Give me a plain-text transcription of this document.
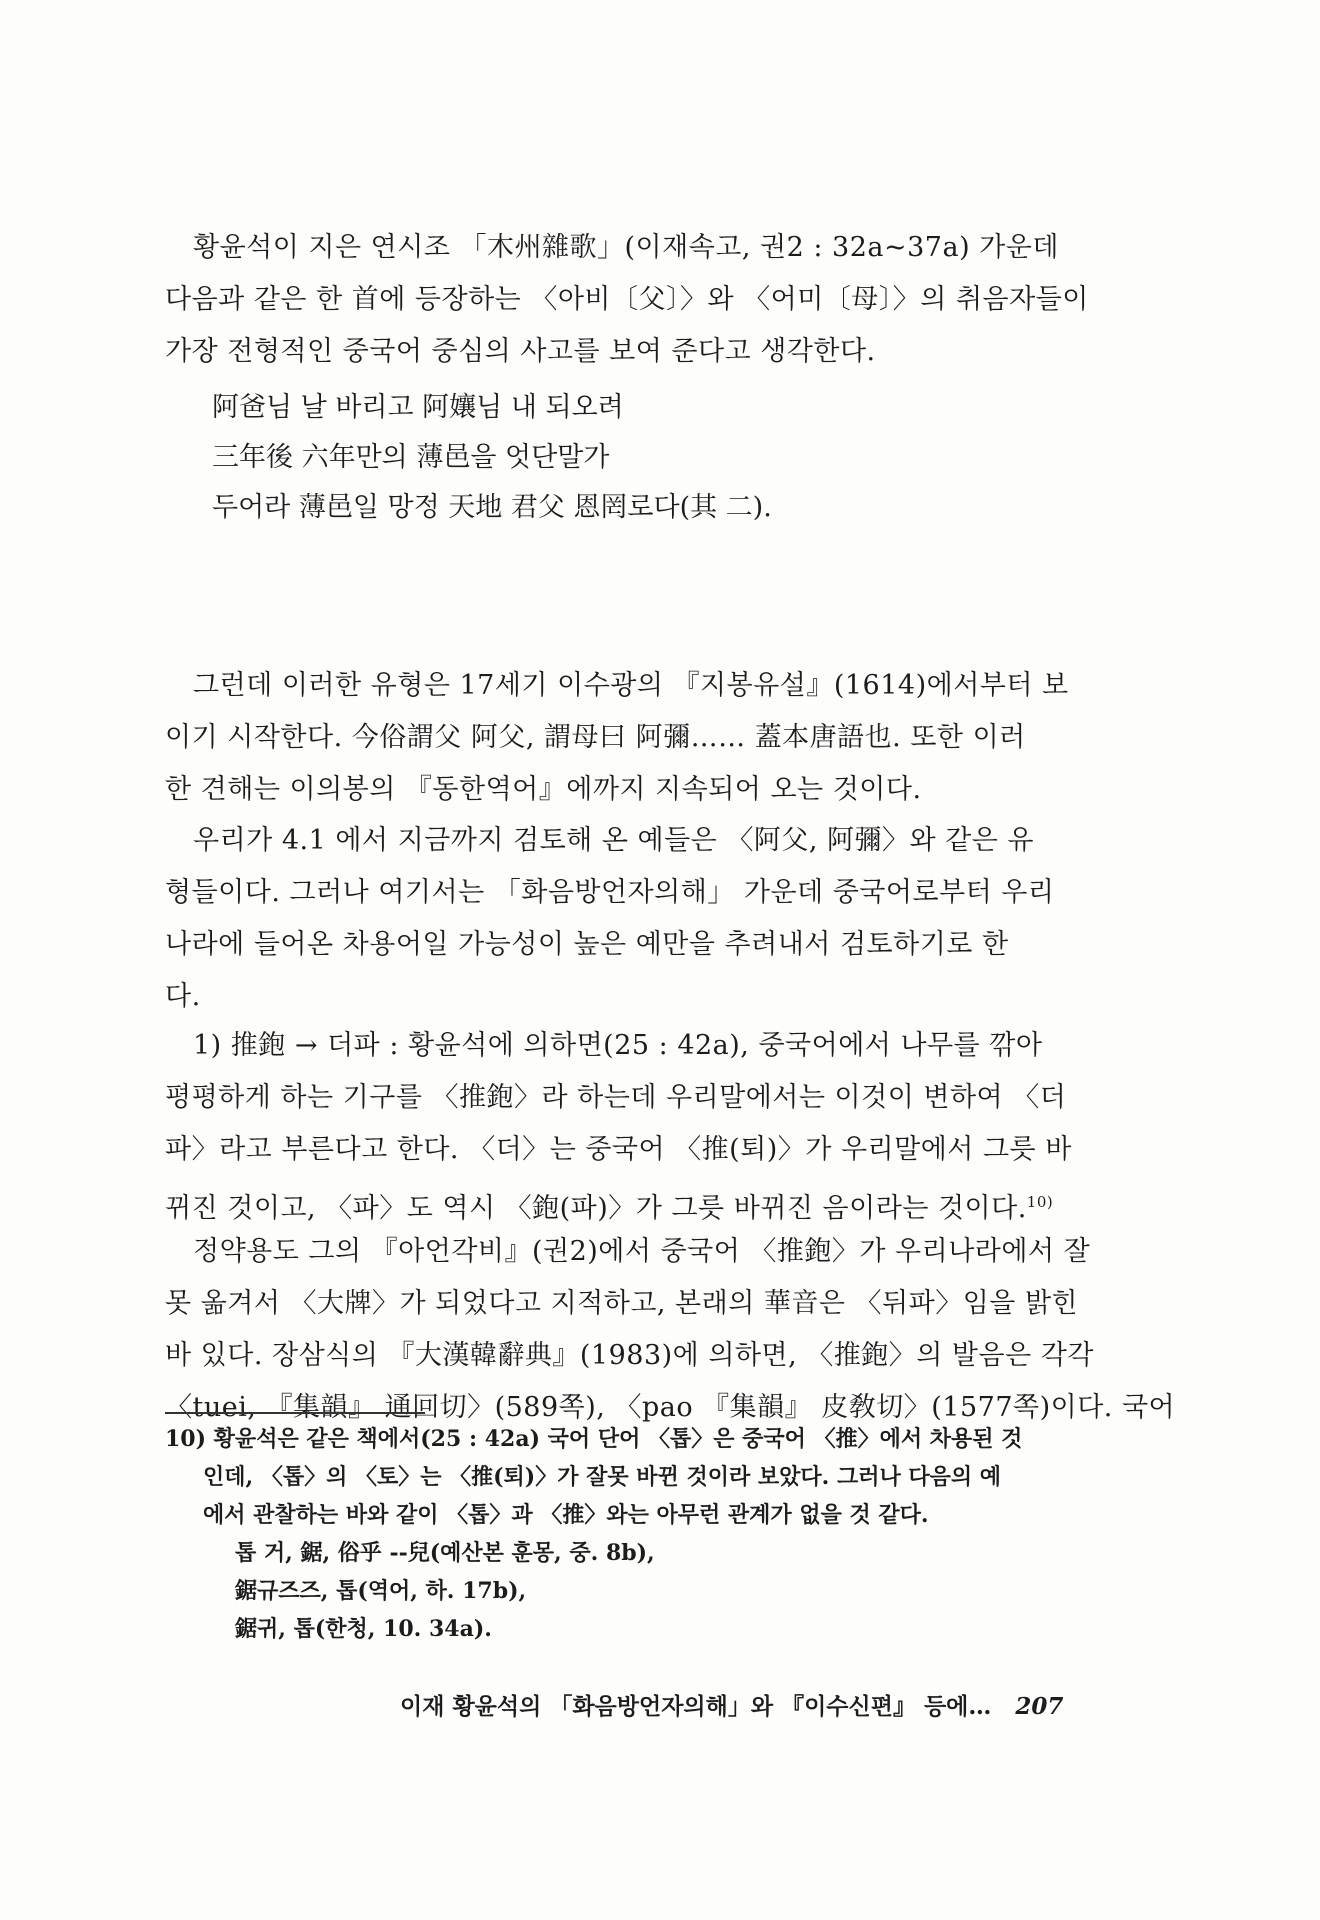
황윤석이 지은 연시조 「木州雜歌」(이재속고, 권2 : 32a~37a) 가운데
다음과 같은 한 首에 등장하는 〈아비〔父〕〉와 〈어미〔母〕〉의 취음자들이
가장 전형적인 중국어 중심의 사고를 보여 준다고 생각한다.
阿爸님 날 바리고 阿孃님 내 되오려
三年後 六年만의 薄邑을 엇단말가
두어라 薄邑일 망정 天地 君父 恩罔로다(其 二).
그런데 이러한 유형은 17세기 이수광의 『지봉유설』(1614)에서부터 보
이기 시작한다. 今俗謂父 阿父, 謂母曰 阿彌…… 蓋本唐語也. 또한 이러
한 견해는 이의봉의 『동한역어』에까지 지속되어 오는 것이다.
우리가 4.1 에서 지금까지 검토해 온 예들은 〈阿父, 阿彌〉와 같은 유
형들이다. 그러나 여기서는 「화음방언자의해」 가운데 중국어로부터 우리
나라에 들어온 차용어일 가능성이 높은 예만을 추려내서 검토하기로 한
다.
1) 推鉋 → 더파 : 황윤석에 의하면(25 : 42a), 중국어에서 나무를 깎아
평평하게 하는 기구를 〈推鉋〉라 하는데 우리말에서는 이것이 변하여 〈더
파〉라고 부른다고 한다. 〈더〉는 중국어 〈推(퇴)〉가 우리말에서 그릇 바
뀌진 것이고, 〈파〉도 역시 〈鉋(파)〉가 그릇 바뀌진 음이라는 것이다.$^{10)}$
정약용도 그의 『아언각비』(권2)에서 중국어 〈推鉋〉가 우리나라에서 잘
못 옮겨서 〈大牌〉가 되었다고 지적하고, 본래의 華音은 〈뒤파〉임을 밝힌
바 있다. 장삼식의 『大漢韓辭典』(1983)에 의하면, 〈推鉋〉의 발음은 각각
〈tuei, 『集韻』 通回切〉(589쪽), 〈pao 『集韻』 皮敎切〉(1577쪽)이다. 국어
10) 황윤석은 같은 책에서(25 : 42a) 국어 단어 〈톱〉은 중국어 〈推〉에서 차용된 것
인데, 〈톱〉의 〈토〉는 〈推(퇴)〉가 잘못 바뀐 것이라 보았다. 그러나 다음의 예
에서 관찰하는 바와 같이 〈톱〉과 〈推〉와는 아무런 관계가 없을 것 같다.
톱 거, 鋸, 俗乎 --兒(예산본 훈몽, 중. 8b),
鋸규즈즈, 톱(역어, 하. 17b),
鋸귀, 톱(한청, 10. 34a).
이재 황윤석의 「화음방언자의해」와 『이수신편』 등에… 207
